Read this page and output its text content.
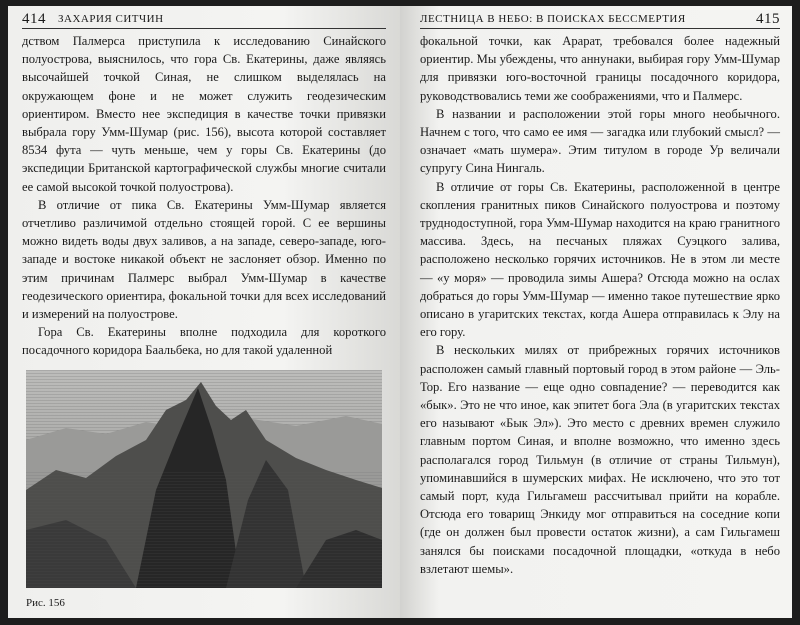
414 ЗАХАРИЯ СИТЧИН

дством Палмерса приступила к исследованию Синайского полуострова, выяснилось, что гора Св. Екатерины, даже являясь высочайшей точкой Синая, не слишком выделялась на окружающем фоне и не может служить геодезическим ориентиром. Вместо нее экспедиция в качестве точки привязки выбрала гору Умм-Шумар (рис. 156), высота которой составляет 8534 фута — чуть меньше, чем у горы Св. Екатерины (до экспедиции Британской картографической службы многие считали ее самой высокой точкой полуострова).

В отличие от пика Св. Екатерины Умм-Шумар является отчетливо различимой отдельно стоящей горой. С ее вершины можно видеть воды двух заливов, а на западе, северо-западе, юго-западе и востоке никакой объект не заслоняет обзор. Именно по этим причинам Палмерс выбрал Умм-Шумар в качестве геодезического ориентира, фокальной точки для всех исследований и измерений на полуострове.

Гора Св. Екатерины вполне подходила для короткого посадочного коридора Баальбека, но для такой удаленной

Рис. 156
ЛЕСТНИЦА В НЕБО: В ПОИСКАХ БЕССМЕРТИЯ	415

фокальной точки, как Арарат, требовался более надежный ориентир. Мы убеждены, что аннунаки, выбирая гору Умм-Шумар для привязки юго-восточной границы посадочного коридора, руководствовались теми же соображениями, что и Палмерс.

В названии и расположении этой горы много необычного. Начнем с того, что само ее имя — загадка или глубокий смысл? — означает «мать шумера». Этим титулом в городе Ур величали супругу Сина Нингаль.

В отличие от горы Св. Екатерины, расположенной в центре скопления гранитных пиков Синайского полуострова и поэтому труднодоступной, гора Умм-Шумар находится на краю гранитного массива. Здесь, на песчаных пляжах Суэцкого залива, расположено несколько горячих источников. Не в этом ли месте — «у моря» — проводила зимы Ашера? Отсюда можно на ослах добраться до горы Умм-Шумар — именно такое путешествие ярко описано в угаритских текстах, когда Ашера отправилась к Элу на его гору.

В нескольких милях от прибрежных горячих источников расположен самый главный портовый город в этом районе — Эль-Тор. Его название — еще одно совпадение? — переводится как «бык». Это не что иное, как эпитет бога Эла (в угаритских текстах его называют «Бык Эл»). Это место с древних времен служило главным портом Синая, и вполне возможно, что именно здесь располагался город Тильмун (в отличие от страны Тильмун), упоминавшийся в шумерских мифах. Не исключено, что это тот самый порт, куда Гильгамеш рассчитывал прийти на корабле. Отсюда его товарищ Энкиду мог отправиться на соседние копи (где он должен был провести остаток жизни), а сам Гильгамеш занялся бы поисками посадочной площадки, «откуда в небо взлетают шемы».
